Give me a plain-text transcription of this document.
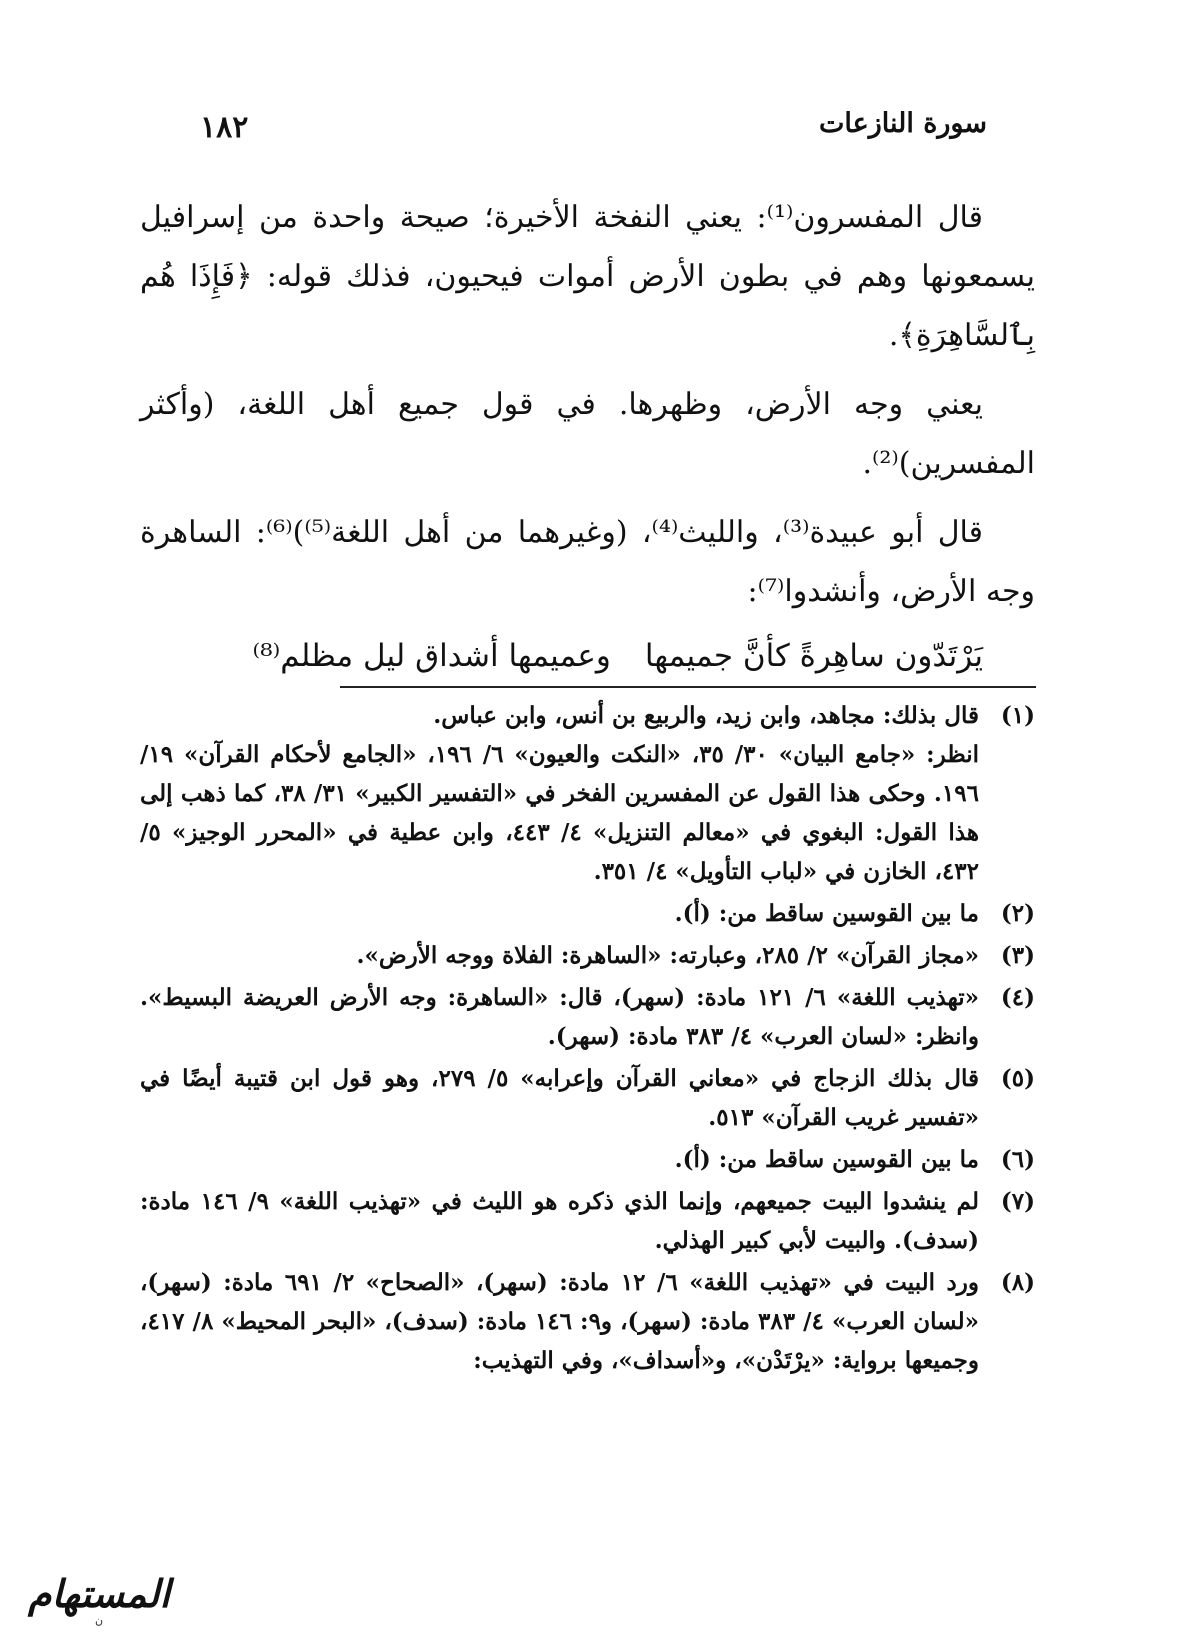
سورة النازعات
١٨٢

قال المفسرون⁽¹⁾: يعني النفخة الأخيرة؛ صيحة واحدة من إسرافيل يسمعونها وهم في بطون الأرض أموات فيحيون، فذلك قوله: ﴿فَإِذَا هُم بِٱلسَّاهِرَةِ﴾.

يعني وجه الأرض، وظهرها. في قول جميع أهل اللغة، (وأكثر المفسرين)⁽²⁾.

قال أبو عبيدة⁽³⁾، والليث⁽⁴⁾، (وغيرهما من أهل اللغة⁽⁵⁾)⁽⁶⁾: الساهرة وجه الأرض، وأنشدوا⁽⁷⁾:

يَرْتَدّون ساهِرةً كأنَّ جميمها
وعميمها أشداق ليل مظلم⁽⁸⁾
(١)
قال بذلك: مجاهد، وابن زيد، والربيع بن أنس، وابن عباس.
انظر: «جامع البيان» ٣٠/ ٣٥، «النكت والعيون» ٦/ ١٩٦، «الجامع لأحكام القرآن» ١٩/ ١٩٦. وحكى هذا القول عن المفسرين الفخر في «التفسير الكبير» ٣١/ ٣٨، كما ذهب إلى هذا القول: البغوي في «معالم التنزيل» ٤/ ٤٤٣، وابن عطية في «المحرر الوجيز» ٥/ ٤٣٢، الخازن في «لباب التأويل» ٤/ ٣٥١.
(٢)
ما بين القوسين ساقط من: (أ).
(٣)
«مجاز القرآن» ٢/ ٢٨٥، وعبارته: «الساهرة: الفلاة ووجه الأرض».
(٤)
«تهذيب اللغة» ٦/ ١٢١ مادة: (سهر)، قال: «الساهرة: وجه الأرض العريضة البسيط». وانظر: «لسان العرب» ٤/ ٣٨٣ مادة: (سهر).
(٥)
قال بذلك الزجاج في «معاني القرآن وإعرابه» ٥/ ٢٧٩، وهو قول ابن قتيبة أيضًا في «تفسير غريب القرآن» ٥١٣.
(٦)
ما بين القوسين ساقط من: (أ).
(٧)
لم ينشدوا البيت جميعهم، وإنما الذي ذكره هو الليث في «تهذيب اللغة» ٩/ ١٤٦ مادة: (سدف). والبيت لأبي كبير الهذلي.
(٨)
ورد البيت في «تهذيب اللغة» ٦/ ١٢ مادة: (سهر)، «الصحاح» ٢/ ٦٩١ مادة: (سهر)، «لسان العرب» ٤/ ٣٨٣ مادة: (سهر)، و٩: ١٤٦ مادة: (سدف)، «البحر المحيط» ٨/ ٤١٧، وجميعها برواية: «يرْتَدْن»، و«أسداف»، وفي التهذيب:
المستهام
ن
